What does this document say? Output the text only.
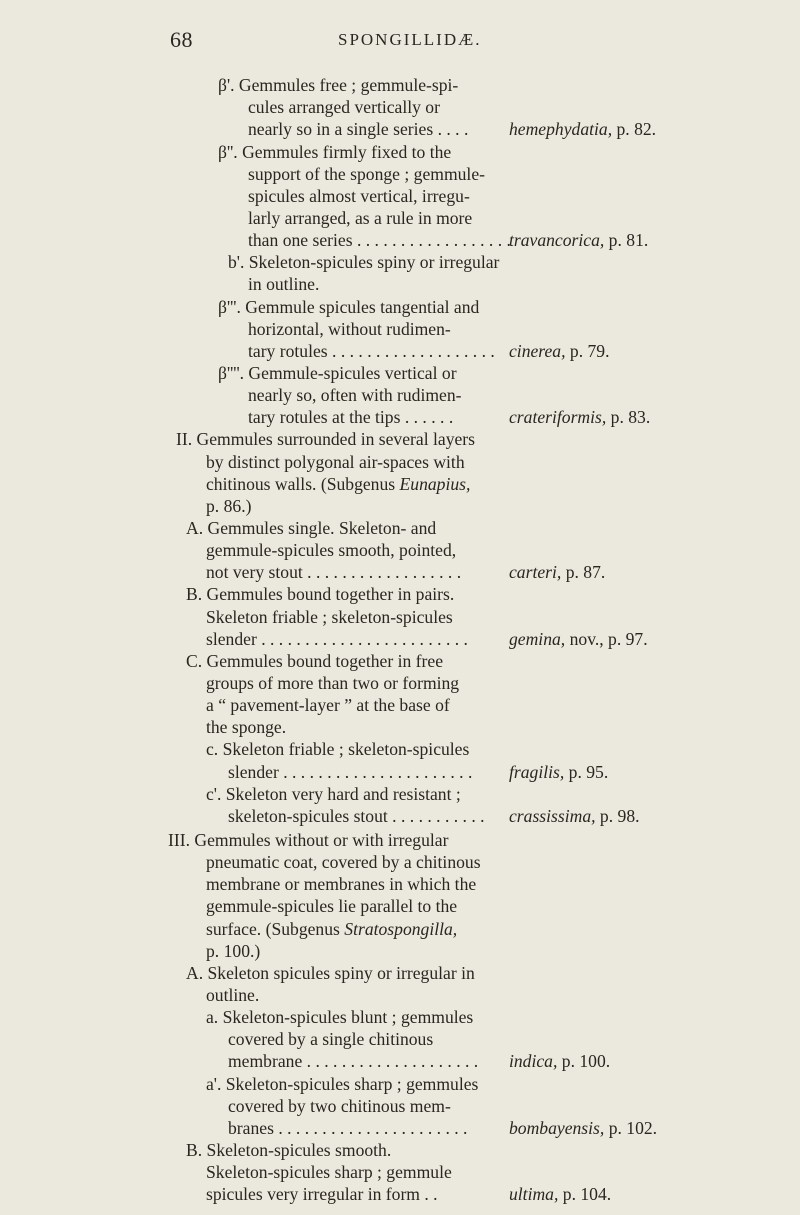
68	SPONGILLIDÆ.
β'. Gemmules free ; gemmule-spi-
cules arranged vertically or
nearly so in a single series . . . .
β''. Gemmules firmly fixed to the
support of the sponge ; gemmule-
spicules almost vertical, irregu-
larly arranged, as a rule in more
than one series . . . . . . . . . . . . . . . . . .
b'. Skeleton-spicules spiny or irregular
in outline.
β'''. Gemmule spicules tangential and
horizontal, without rudimen-
tary rotules . . . . . . . . . . . . . . . . . . .
β''''. Gemmule-spicules vertical or
nearly so, often with rudimen-
tary rotules at the tips . . . . . .
II. Gemmules surrounded in several layers
by distinct polygonal air-spaces with
chitinous walls. (Subgenus Eunapius,
p. 86.)
A. Gemmules single. Skeleton- and
gemmule-spicules smooth, pointed,
not very stout . . . . . . . . . . . . . . . . . .
B. Gemmules bound together in pairs.
Skeleton friable ; skeleton-spicules
slender . . . . . . . . . . . . . . . . . . . . . . . .
C. Gemmules bound together in free
groups of more than two or forming
a “ pavement-layer ” at the base of
the sponge.
c. Skeleton friable ; skeleton-spicules
slender . . . . . . . . . . . . . . . . . . . . . .
c'. Skeleton very hard and resistant ;
skeleton-spicules stout . . . . . . . . . . .
III. Gemmules without or with irregular
pneumatic coat, covered by a chitinous
membrane or membranes in which the
gemmule-spicules lie parallel to the
surface. (Subgenus Stratospongilla,
p. 100.)
A. Skeleton spicules spiny or irregular in
outline.
a. Skeleton-spicules blunt ; gemmules
covered by a single chitinous
membrane . . . . . . . . . . . . . . . . . . . .
a'. Skeleton-spicules sharp ; gemmules
covered by two chitinous mem-
branes . . . . . . . . . . . . . . . . . . . . . .
B. Skeleton-spicules smooth.
Skeleton-spicules sharp ; gemmule
spicules very irregular in form . .
hemephydatia, p. 82.
travancorica, p. 81.
cinerea, p. 79.
crateriformis, p. 83.
carteri, p. 87.
gemina, nov., p. 97.
fragilis, p. 95.
crassissima, p. 98.
indica, p. 100.
bombayensis, p. 102.
ultima, p. 104.
